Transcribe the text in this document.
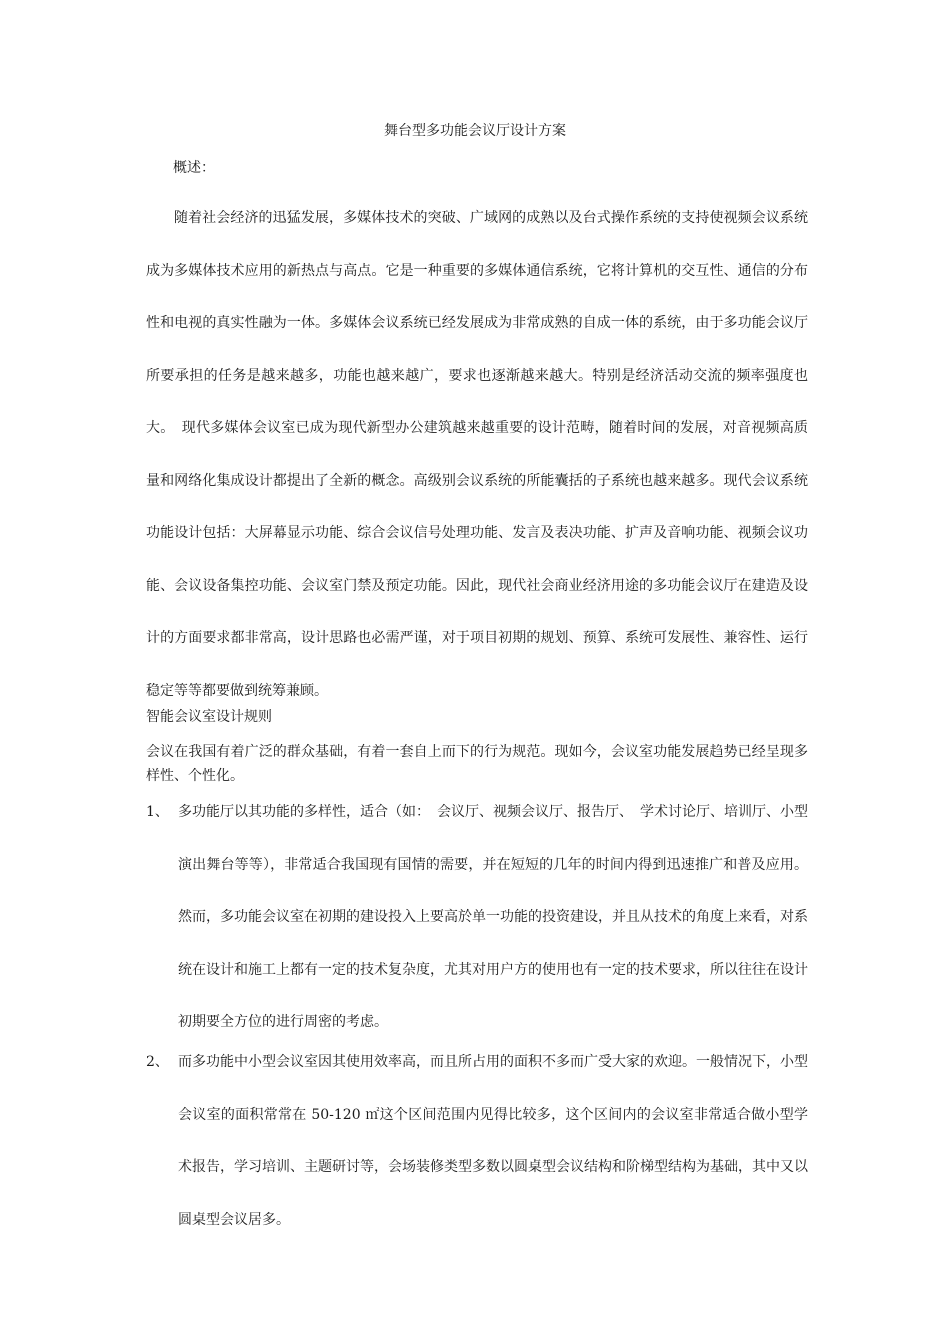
舞台型多功能会议厅设计方案
概述：
随着社会经济的迅猛发展，多媒体技术的突破、广域网的成熟以及台式操作系统的支持使视频会议系统成为多媒体技术应用的新热点与高点。它是一种重要的多媒体通信系统，它将计算机的交互性、通信的分布性和电视的真实性融为一体。多媒体会议系统已经发展成为非常成熟的自成一体的系统，由于多功能会议厅所要承担的任务是越来越多，功能也越来越广，要求也逐渐越来越大。特别是经济活动交流的频率强度也大。　现代多媒体会议室已成为现代新型办公建筑越来越重要的设计范畴，随着时间的发展，对音视频高质量和网络化集成设计都提出了全新的概念。高级别会议系统的所能囊括的子系统也越来越多。现代会议系统功能设计包括：大屏幕显示功能、综合会议信号处理功能、发言及表决功能、扩声及音响功能、视频会议功能、会议设备集控功能、会议室门禁及预定功能。因此，现代社会商业经济用途的多功能会议厅在建造及设计的方面要求都非常高，设计思路也必需严谨，对于项目初期的规划、预算、系统可发展性、兼容性、运行稳定等等都要做到统筹兼顾。
智能会议室设计规则
会议在我国有着广泛的群众基础，有着一套自上而下的行为规范。现如今，会议室功能发展趋势已经呈现多样性、个性化。
1、 多功能厅以其功能的多样性，适合（如：　会议厅、视频会议厅、报告厅、　学术讨论厅、培训厅、小型演出舞台等等），非常适合我国现有国情的需要，并在短短的几年的时间内得到迅速推广和普及应用。然而，多功能会议室在初期的建设投入上要高於单一功能的投资建设，并且从技术的角度上来看，对系统在设计和施工上都有一定的技术复杂度，尤其对用户方的使用也有一定的技术要求，所以往往在设计初期要全方位的进行周密的考虑。
2、 而多功能中小型会议室因其使用效率高，而且所占用的面积不多而广受大家的欢迎。一般情况下，小型会议室的面积常常在 50-120 ㎡这个区间范围内见得比较多，这个区间内的会议室非常适合做小型学术报告，学习培训、主题研讨等，会场装修类型多数以圆桌型会议结构和阶梯型结构为基础，其中又以圆桌型会议居多。
